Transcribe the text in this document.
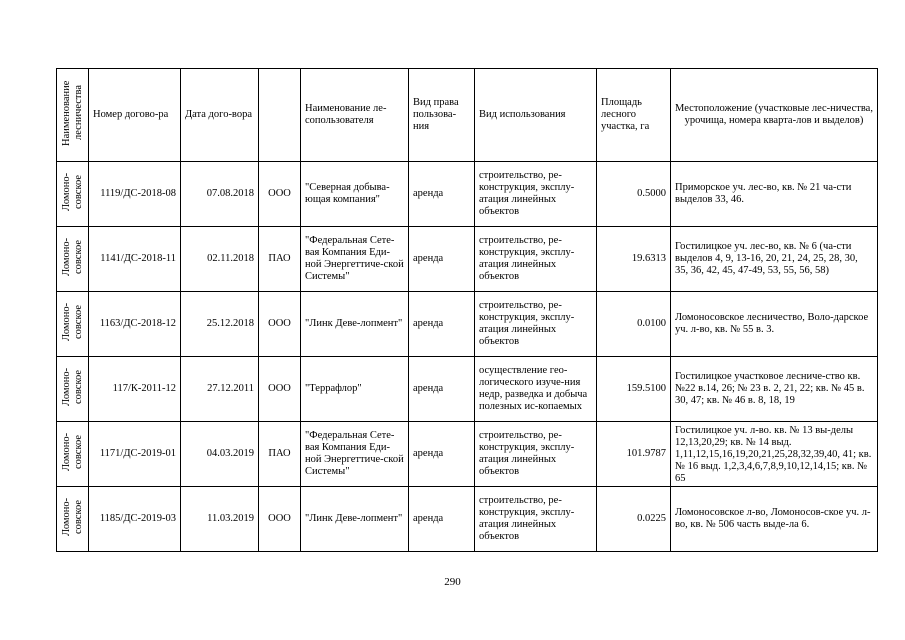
Наименование лесничества	Номер догово-ра	Дата дого-вора		Наименование ле-сопользователя	Вид права пользова-ния	Вид использования	Площадь лесного участка, га	Местоположение (участковые лес-ничества, урочища, номера кварта-лов и выделов)
Ломоно-совское	1119/ДС-2018-08	07.08.2018	ООО	"Северная добыва-ющая компания"	аренда	строительство, ре-конструкция, эксплу-атация линейных объектов	0.5000	Приморское уч. лес-во, кв. № 21 ча-сти выделов 33, 46.

Ломоно-совское	1141/ДС-2018-11	02.11.2018	ПАО	"Федеральная Сете-вая Компания Еди-ной Энергеттиче-ской Системы"	аренда	строительство, ре-конструкция, эксплу-атация линейных объектов	19.6313	Гостилицкое уч. лес-во, кв. № 6 (ча-сти выделов 4, 9, 13-16, 20, 21, 24, 25, 28, 30, 35, 36, 42, 45, 47-49, 53, 55, 56, 58)

Ломоно-совское	1163/ДС-2018-12	25.12.2018	ООО	"Линк Деве-лопмент"	аренда	строительство, ре-конструкция, эксплу-атация линейных объектов	0.0100	Ломоносовское лесничество, Воло-дарское уч. л-во, кв. № 55 в. 3.

Ломоно-совское	117/К-2011-12	27.12.2011	ООО	"Террафлор"	аренда	осуществление гео-логического изуче-ния недр, разведка и добыча полезных ис-копаемых	159.5100	Гостилицкое участковое лесниче-ство кв. №22 в.14, 26; № 23 в. 2, 21, 22; кв. № 45 в. 30, 47; кв. № 46 в. 8, 18, 19

Ломоно-совское	1171/ДС-2019-01	04.03.2019	ПАО	"Федеральная Сете-вая Компания Еди-ной Энергеттиче-ской Системы"	аренда	строительство, ре-конструкция, эксплу-атация линейных объектов	101.9787	Гостилицкое уч. л-во. кв. № 13 вы-делы 12,13,20,29; кв. № 14 выд. 1,11,12,15,16,19,20,21,25,28,32,39,40, 41; кв. № 16 выд. 1,2,3,4,6,7,8,9,10,12,14,15; кв. № 65

Ломоно-совское	1185/ДС-2019-03	11.03.2019	ООО	"Линк Деве-лопмент"	аренда	строительство, ре-конструкция, эксплу-атация линейных объектов	0.0225	Ломоносовское л-во, Ломоносов-ское уч. л-во, кв. № 506 часть выде-ла 6.
290
